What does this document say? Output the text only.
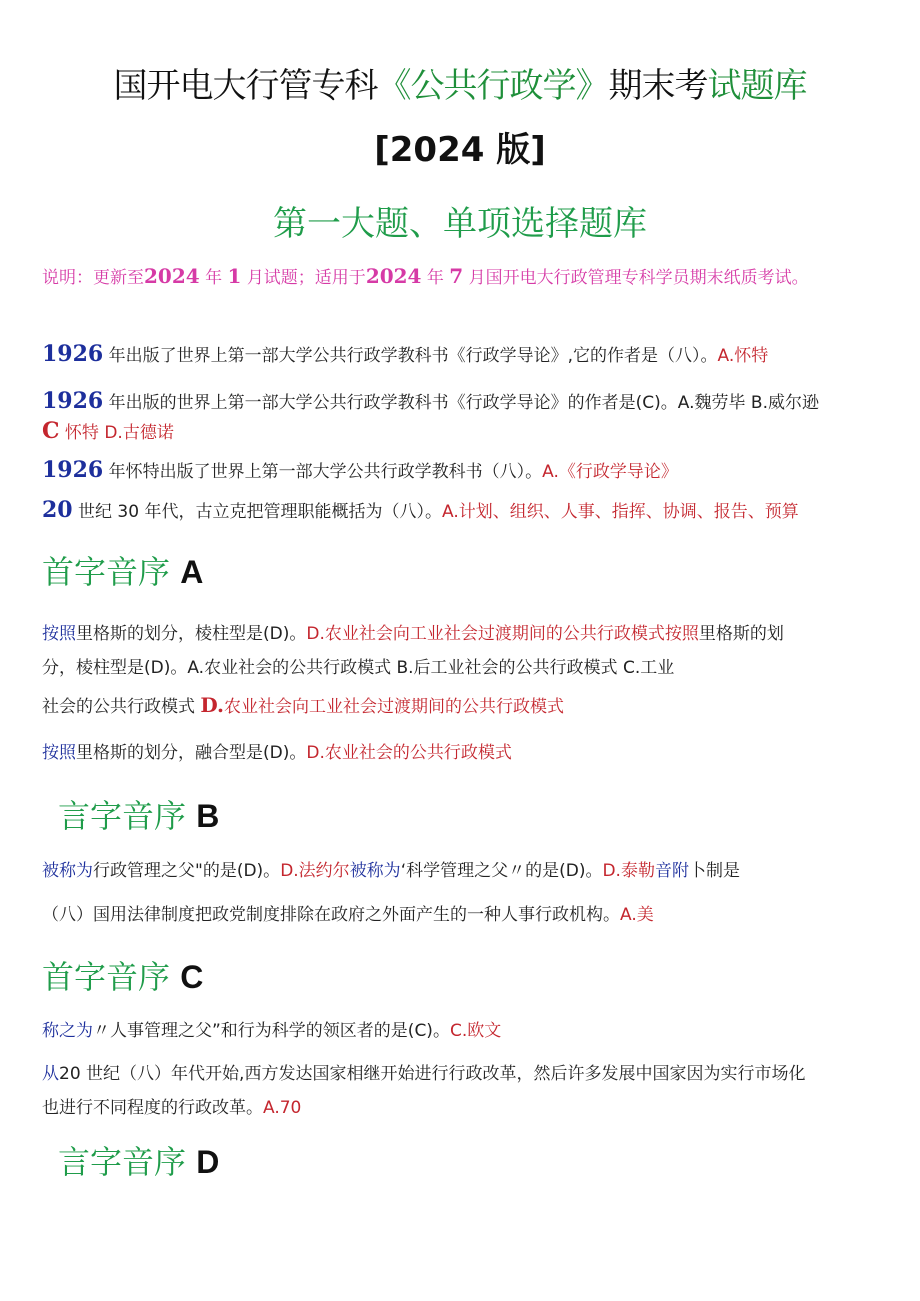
国开电大行管专科《公共行政学》期末考试题库
[2024 版]
第一大题、单项选择题库
说明：更新至2024 年 1 月试题；适用于2024 年 7 月国开电大行政管理专科学员期末纸质考试。
1926 年出版了世界上第一部大学公共行政学教科书《行政学导论》,它的作者是（八）。A.怀特
1926 年出版的世界上第一部大学公共行政学教科书《行政学导论》的作者是(C)。A.魏劳毕 B.威尔逊
C 怀特 D.古德诺
1926 年怀特出版了世界上第一部大学公共行政学教科书（八）。A.《行政学导论》
20 世纪 30 年代，古立克把管理职能概括为（八）。A.计划、组织、人事、指挥、协调、报告、预算
首字音序 A
按照里格斯的划分，棱柱型是(D)。D.农业社会向工业社会过渡期间的公共行政模式按照里格斯的划
分，棱柱型是(D)。A.农业社会的公共行政模式 B.后工业社会的公共行政模式 C.工业
社会的公共行政模式 D.农业社会向工业社会过渡期间的公共行政模式
按照里格斯的划分，融合型是(D)。D.农业社会的公共行政模式
言字音序 B
被称为行政管理之父"的是(D)。D.法约尔被称为‘科学管理之父〃的是(D)。D.泰勒音附卜制是
（八）国用法律制度把政党制度排除在政府之外面产生的一种人事行政机构。A.美
首字音序 C
称之为〃人事管理之父”和行为科学的领区者的是(C)。C.欧文
从20 世纪（八）年代开始,西方发达国家相继开始进行行政改革，然后许多发展中国家因为实行市场化
也进行不同程度的行政改革。A.70
言字音序 D
